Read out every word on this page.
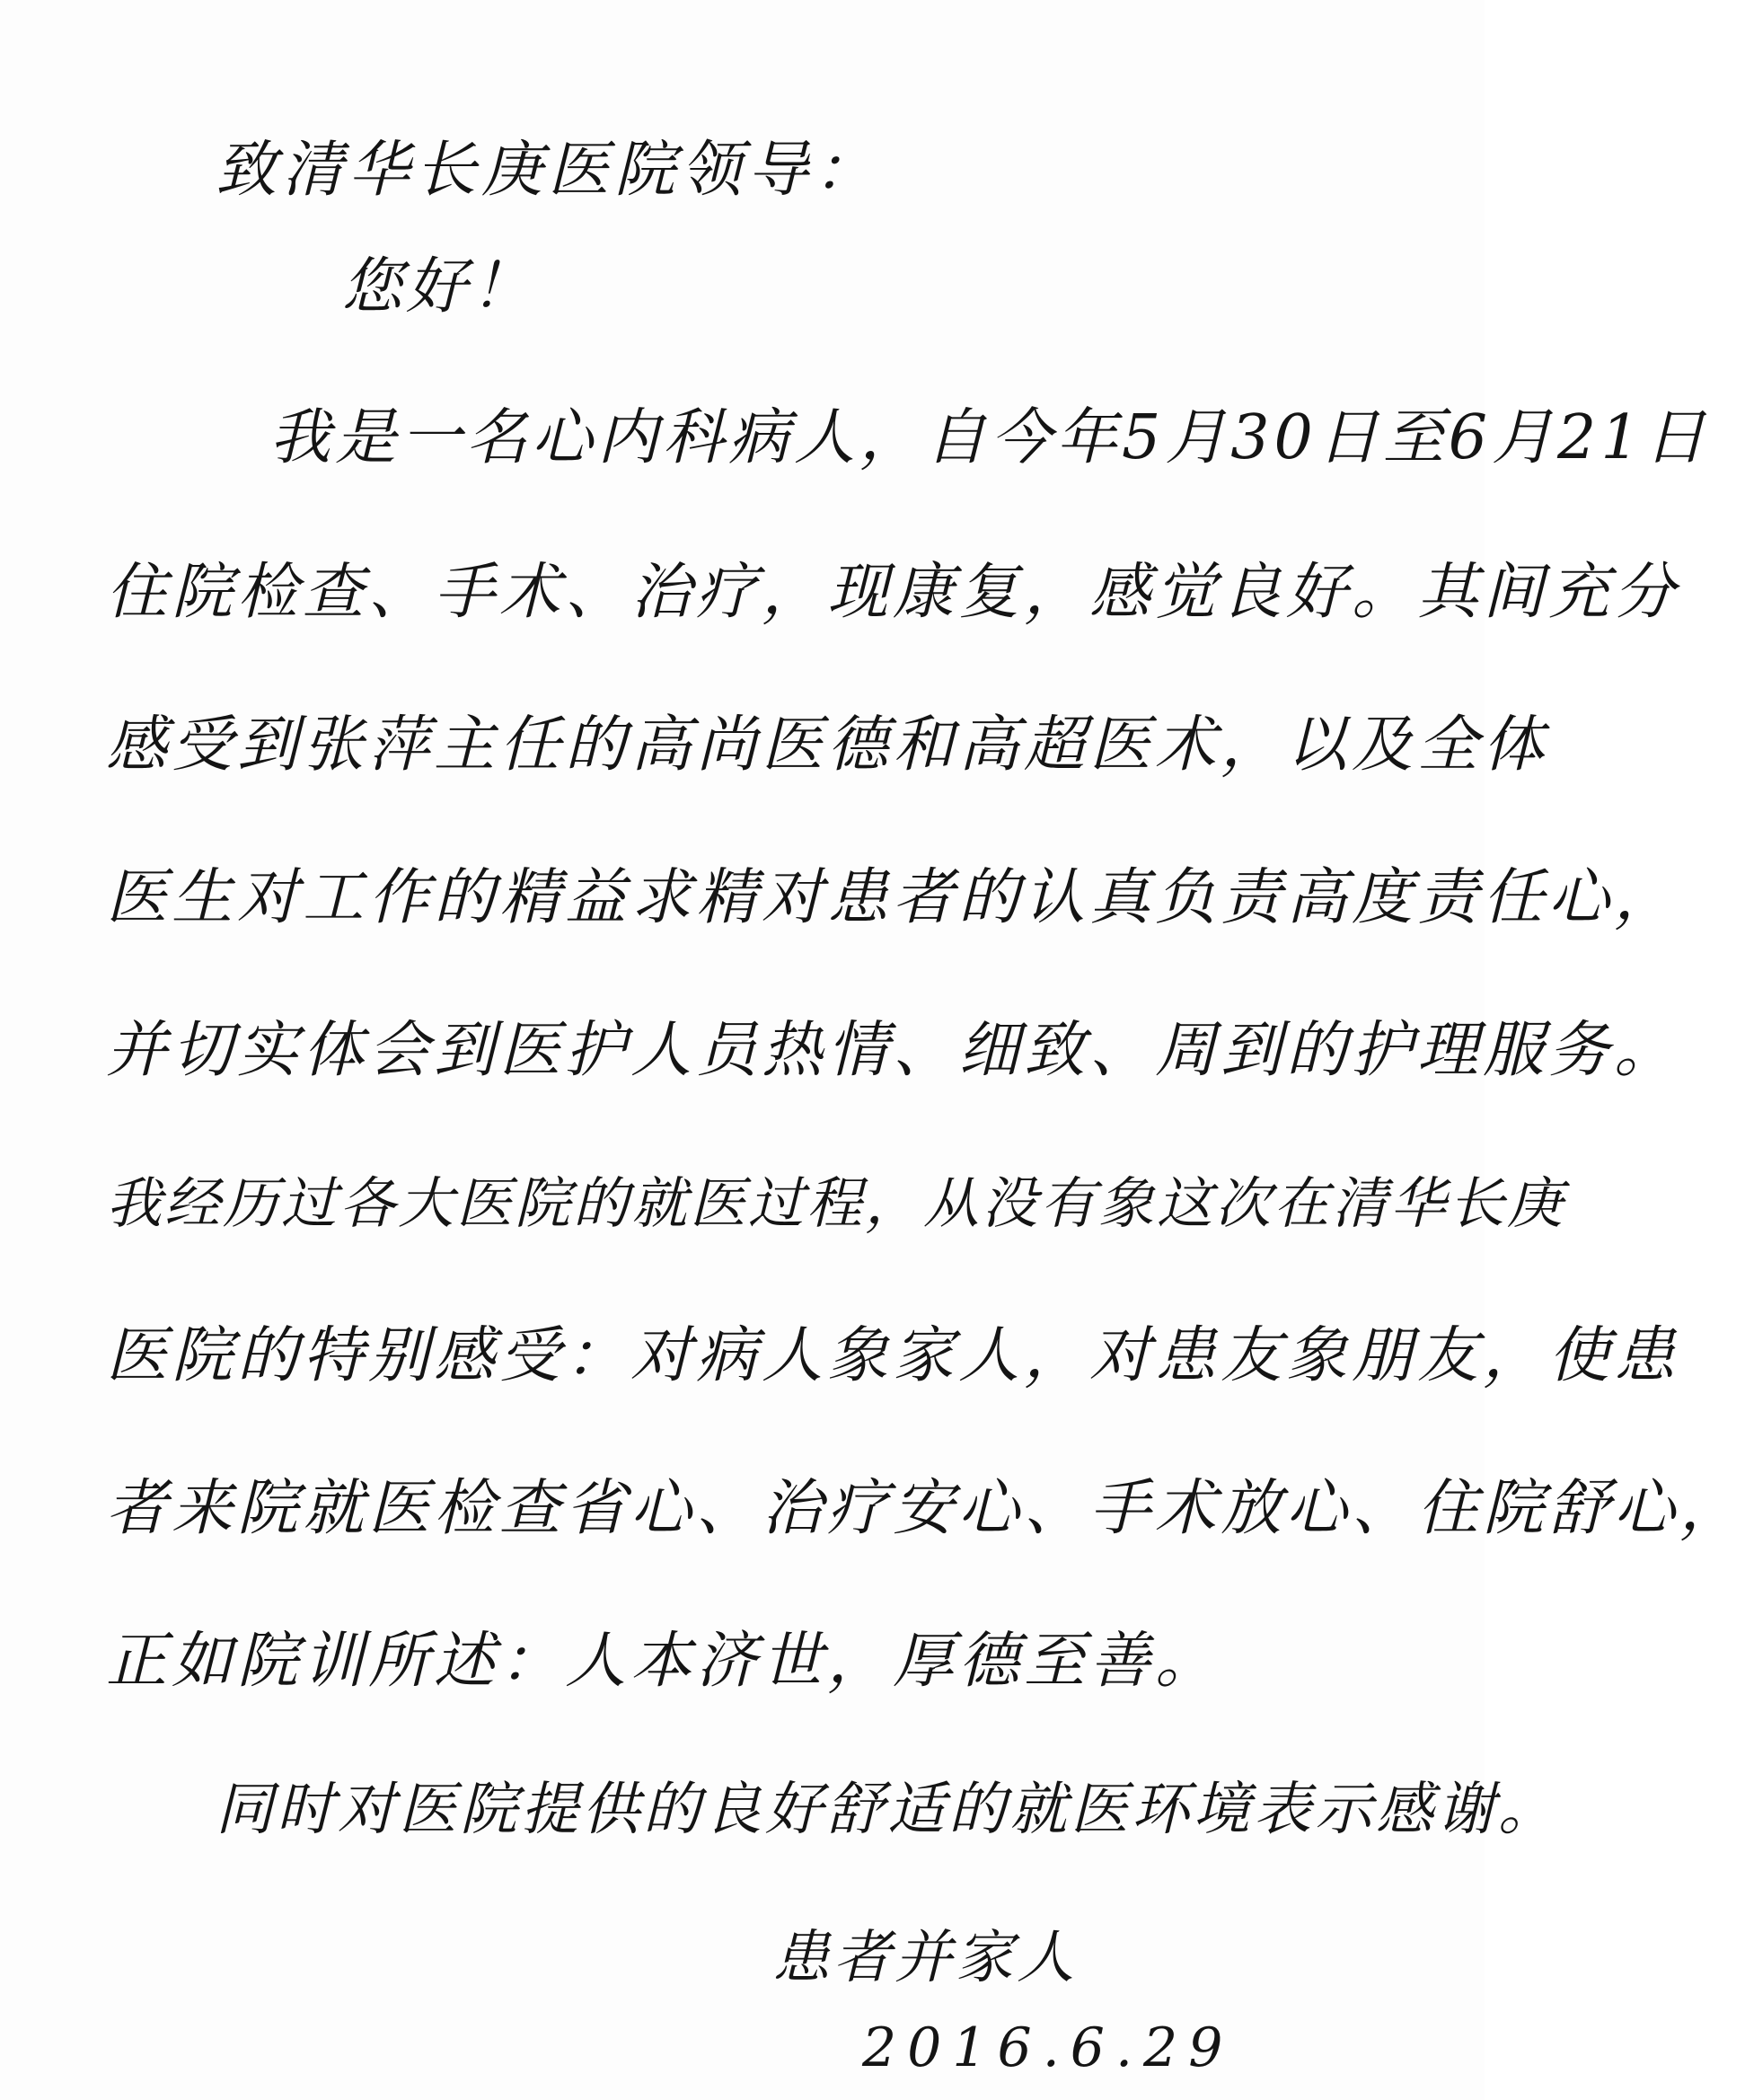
致清华长庚医院领导：
您好！
我是一名心内科病人，自今年5月30日至6月21日
住院检查、手术、治疗，现康复，感觉良好。其间充分
感受到张萍主任的高尚医德和高超医术，以及全体
医生对工作的精益求精对患者的认真负责高度责任心，
并切实体会到医护人员热情、细致、周到的护理服务。
我经历过各大医院的就医过程，从没有象这次在清华长庚
医院的特别感受：对病人象家人，对患友象朋友，使患
者来院就医检查省心、治疗安心、手术放心、住院舒心，
正如院训所述：人本济世，厚德至善。
同时对医院提供的良好舒适的就医环境表示感谢。
患者并家人
2016.6.29
